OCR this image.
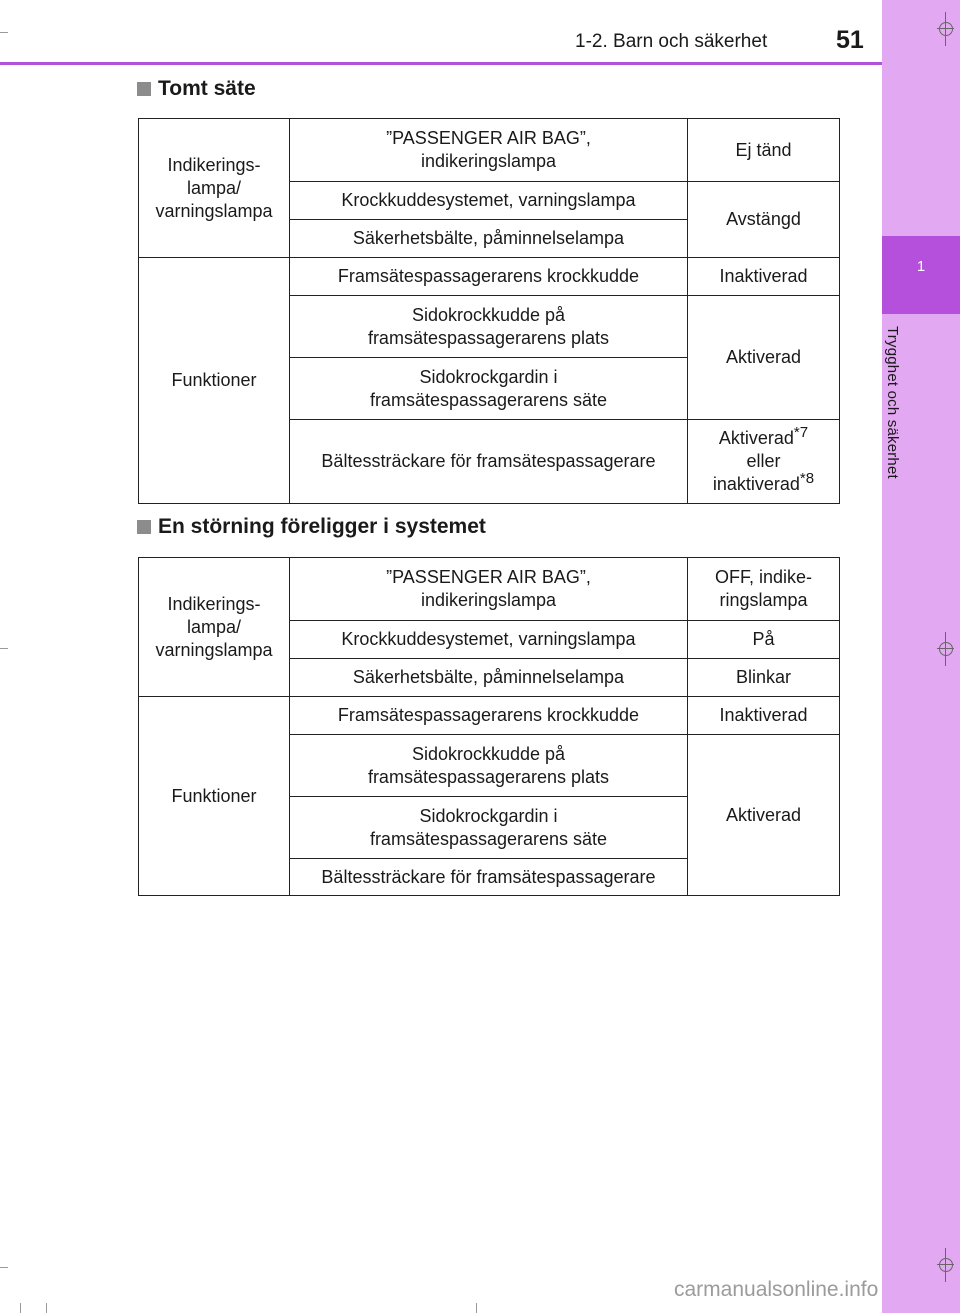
1
Trygghet och säkerhet
1-2. Barn och säkerhet	51
Tomt säte
Indikerings-
lampa/
varningslampa	”PASSENGER AIR BAG”,
indikeringslampa	Ej tänd
	Krockkuddesystemet, varningslampa	Avstängd
	Säkerhetsbälte, påminnelselampa	
Funktioner	Framsätespassagerarens krockkudde	Inaktiverad
	Sidokrockkudde på
framsätespassagerarens plats	Aktiverad
	Sidokrockgardin i
framsätespassagerarens säte	
	Bältessträckare för framsätespassagerare	Aktiverad$^{*7}$
eller
inaktiverad$^{*8}$
En störning föreligger i systemet
Indikerings-
lampa/
varningslampa	”PASSENGER AIR BAG”,
indikeringslampa	OFF, indike-
ringslampa
	Krockkuddesystemet, varningslampa	På
	Säkerhetsbälte, påminnelselampa	Blinkar
Funktioner	Framsätespassagerarens krockkudde	Inaktiverad
	Sidokrockkudde på
framsätespassagerarens plats	Aktiverad
	Sidokrockgardin i
framsätespassagerarens säte	
	Bältessträckare för framsätespassagerare	
carmanualsonline.info
